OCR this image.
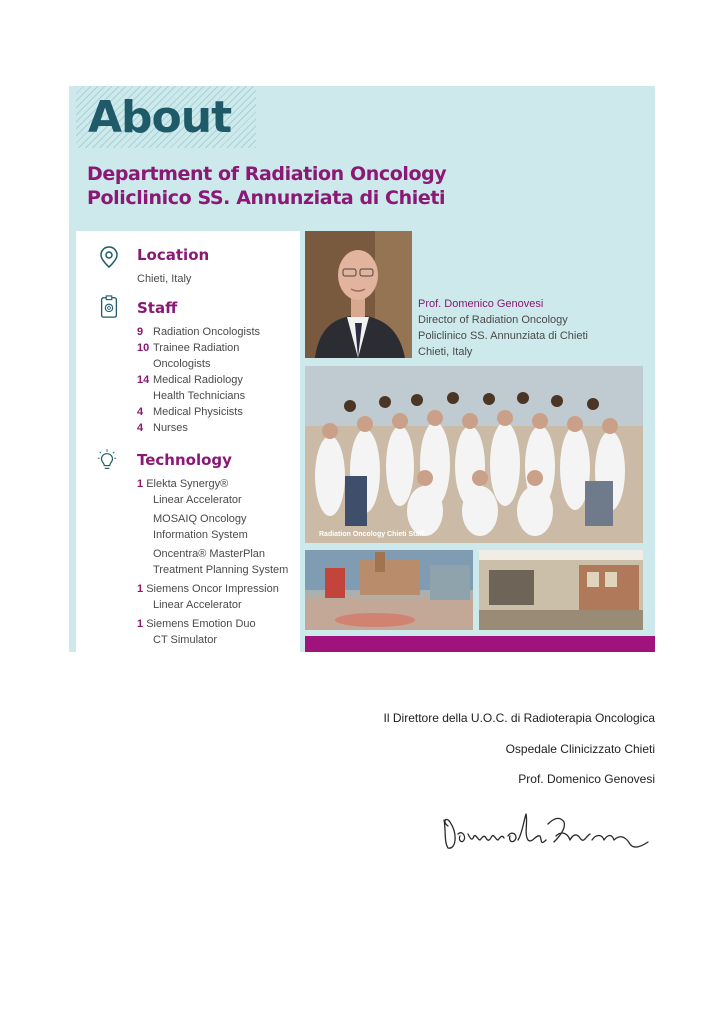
About
Department of Radiation Oncology
Policlinico SS. Annunziata di Chieti
Location
Chieti, Italy
Staff
9 Radiation Oncologists
10 Trainee Radiation
Oncologists
14 Medical Radiology
Health Technicians
4 Medical Physicists
4 Nurses
Technology
1 Elekta Synergy®
Linear Accelerator
MOSAIQ Oncology
Information System
Oncentra® MasterPlan
Treatment Planning System
1 Siemens Oncor Impression
Linear Accelerator
1 Siemens Emotion Duo
CT Simulator
Prof. Domenico Genovesi
Director of Radiation Oncology
Policlinico SS. Annunziata di Chieti
Chieti, Italy
Radiation Oncology Chieti Staff
Il Direttore della U.O.C. di Radioterapia Oncologica
Ospedale Clinicizzato Chieti
Prof. Domenico Genovesi
